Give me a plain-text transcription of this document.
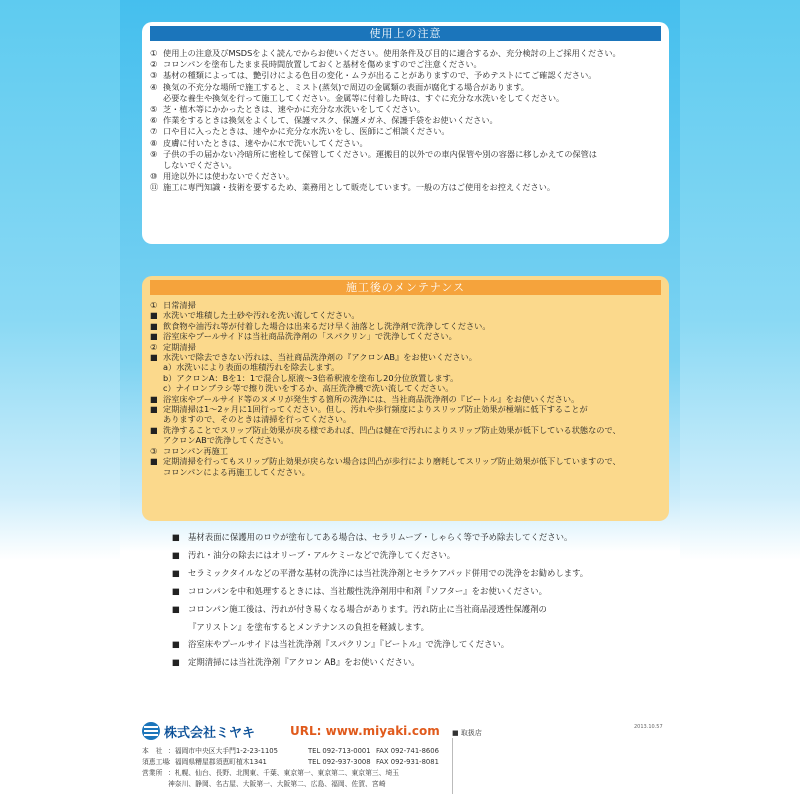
使用上の注意
① 使用上の注意及びMSDSをよく読んでからお使いください。使用条件及び目的に適合するか、充分検討の上ご採用ください。
② コロンパンを塗布したまま長時間放置しておくと基材を傷めますのでご注意ください。
③ 基材の種類によっては、艶引けによる色目の変化・ムラが出ることがありますので、予めテストにてご確認ください。
④ 換気の不充分な場所で施工すると、ミスト(蒸気)で周辺の金属類の表面が腐化する場合があります。
必要な養生や換気を行って施工してください。金属等に付着した時は、すぐに充分な水洗いをしてください。
⑤ 芝・植木等にかかったときは、速やかに充分な水洗いをしてください。
⑥ 作業をするときは換気をよくして、保護マスク、保護メガネ、保護手袋をお使いください。
⑦ 口や目に入ったときは、速やかに充分な水洗いをし、医師にご相談ください。
⑧ 皮膚に付いたときは、速やかに水で洗いしてください。
⑨ 子供の手の届かない冷暗所に密栓して保管してください。運搬目的以外での車内保管や別の容器に移しかえての保管は
しないでください。
⑩ 用途以外には使わないでください。
⑪ 施工に専門知識・技術を要するため、業務用として販売しています。一般の方はご使用をお控えください。
施工後のメンテナンス
① 日常清掃
■ 水洗いで堆積した土砂や汚れを洗い流してください。
■ 飲食物や油汚れ等が付着した場合は出来るだけ早く油落とし洗浄剤で洗浄してください。
■ 浴室床やプールサイドは当社商品洗浄剤の「スパクリン」で洗浄してください。
② 定期清掃
■ 水洗いで除去できない汚れは、当社商品洗浄剤の『アクロンAB』をお使いください。
a）水洗いにより表面の堆積汚れを除去します。
b）アクロンA：Bを1：1で混合し原液～3倍希釈液を塗布し20分位放置します。
c）ナイロンブラシ等で擦り洗いをするか、高圧洗浄機で洗い流してください。
■ 浴室床やプールサイド等のヌメリが発生する箇所の洗浄には、当社商品洗浄剤の『ビートル』をお使いください。
■ 定期清掃は1～2ヶ月に1回行ってください。但し、汚れや歩行頻度によりスリップ防止効果が極端に低下することが
ありますので、そのときは清掃を行ってください。
■ 洗浄することでスリップ防止効果が戻る様であれば、凹凸は健在で汚れによりスリップ防止効果が低下している状態なので、
アクロンABで洗浄してください。
③ コロンパン再施工
■ 定期清掃を行ってもスリップ防止効果が戻らない場合は凹凸が歩行により磨耗してスリップ防止効果が低下していますので、
コロンパンによる再施工してください。
■ 基材表面に保護用のロウが塗布してある場合は、セラリムーブ・しゃらく等で予め除去してください。
■ 汚れ・油分の除去にはオリーブ・アルケミーなどで洗浄してください。
■ セラミックタイルなどの平滑な基材の洗浄には当社洗浄剤とセラケアパッド併用での洗浄をお勧めします。
■ コロンパンを中和処理するときには、当社酸性洗浄剤用中和剤『ソフター』をお使いください。
■ コロンパン施工後は、汚れが付き易くなる場合があります。汚れ防止に当社商品浸透性保護剤の
『アリストン』を塗布するとメンテナンスの負担を軽減します。
■ 浴室床やプールサイドは当社洗浄剤『スパクリン』『ビートル』で洗浄してください。
■ 定期清掃には当社洗浄剤『アクロン AB』をお使いください。
株式会社ミヤキ	URL: www.miyaki.com	2013.10.57
■ 取扱店
本　社 ：福岡市中央区大手門1-2-23-1105	TEL 092-713-0001 FAX 092-741-8606
須恵工場
：福岡県糟屋郡須恵町植木1341	TEL 092-937-3008 FAX 092-931-8081
営業所 ：札幌、仙台、長野、北関東、千葉、東京第一、東京第二、東京第三、埼玉
神奈川、静岡、名古屋、大阪第一、大阪第二、広島、福岡、佐賀、宮崎
